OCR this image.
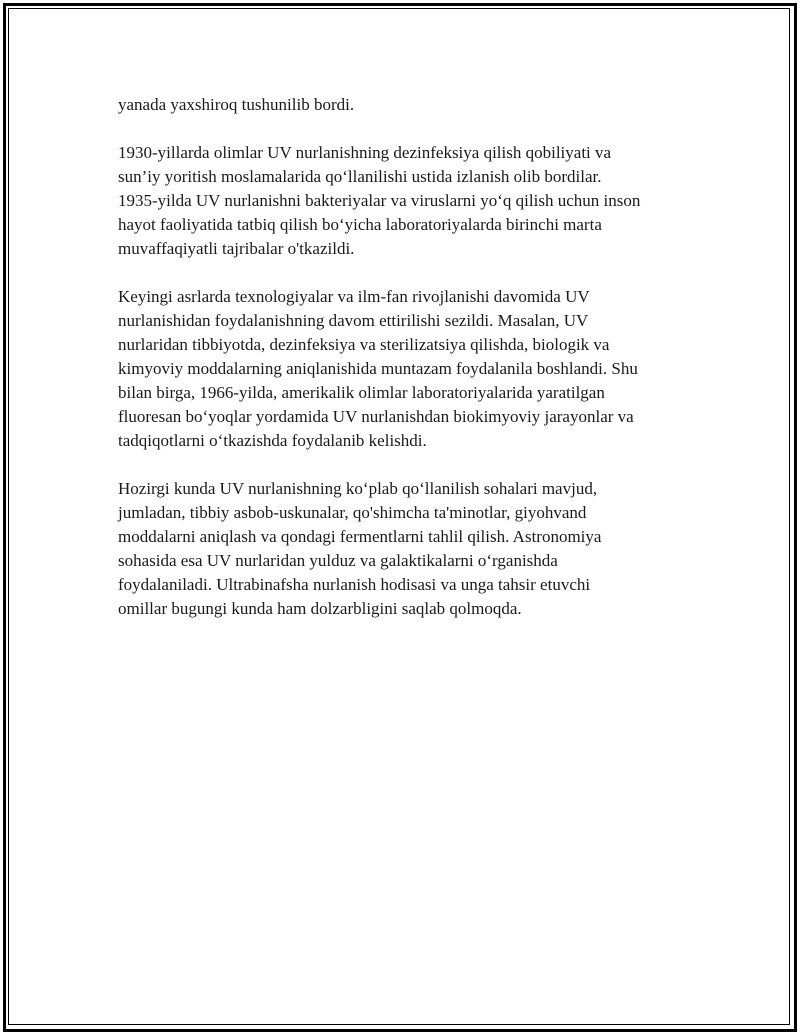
yanada yaxshiroq tushunilib bordi.

1930-yillarda olimlar UV nurlanishning dezinfeksiya qilish qobiliyati va
sun’iy yoritish moslamalarida qo‘llanilishi ustida izlanish olib bordilar.
1935-yilda UV nurlanishni bakteriyalar va viruslarni yo‘q qilish uchun inson
hayot faoliyatida tatbiq qilish bo‘yicha laboratoriyalarda birinchi marta
muvaffaqiyatli tajribalar o'tkazildi.

Keyingi asrlarda texnologiyalar va ilm-fan rivojlanishi davomida UV
nurlanishidan foydalanishning davom ettirilishi sezildi. Masalan, UV
nurlaridan tibbiyotda, dezinfeksiya va sterilizatsiya qilishda, biologik va
kimyoviy moddalarning aniqlanishida muntazam foydalanila boshlandi. Shu
bilan birga, 1966-yilda, amerikalik olimlar laboratoriyalarida yaratilgan
fluoresan bo‘yoqlar yordamida UV nurlanishdan biokimyoviy jarayonlar va
tadqiqotlarni o‘tkazishda foydalanib kelishdi.

Hozirgi kunda UV nurlanishning ko‘plab qo‘llanilish sohalari mavjud,
jumladan, tibbiy asbob-uskunalar, qo'shimcha ta'minotlar, giyohvand
moddalarni aniqlash va qondagi fermentlarni tahlil qilish. Astronomiya
sohasida esa UV nurlaridan yulduz va galaktikalarni o‘rganishda
foydalaniladi. Ultrabinafsha nurlanish hodisasi va unga tahsir etuvchi
omillar bugungi kunda ham dolzarbligini saqlab qolmoqda.
